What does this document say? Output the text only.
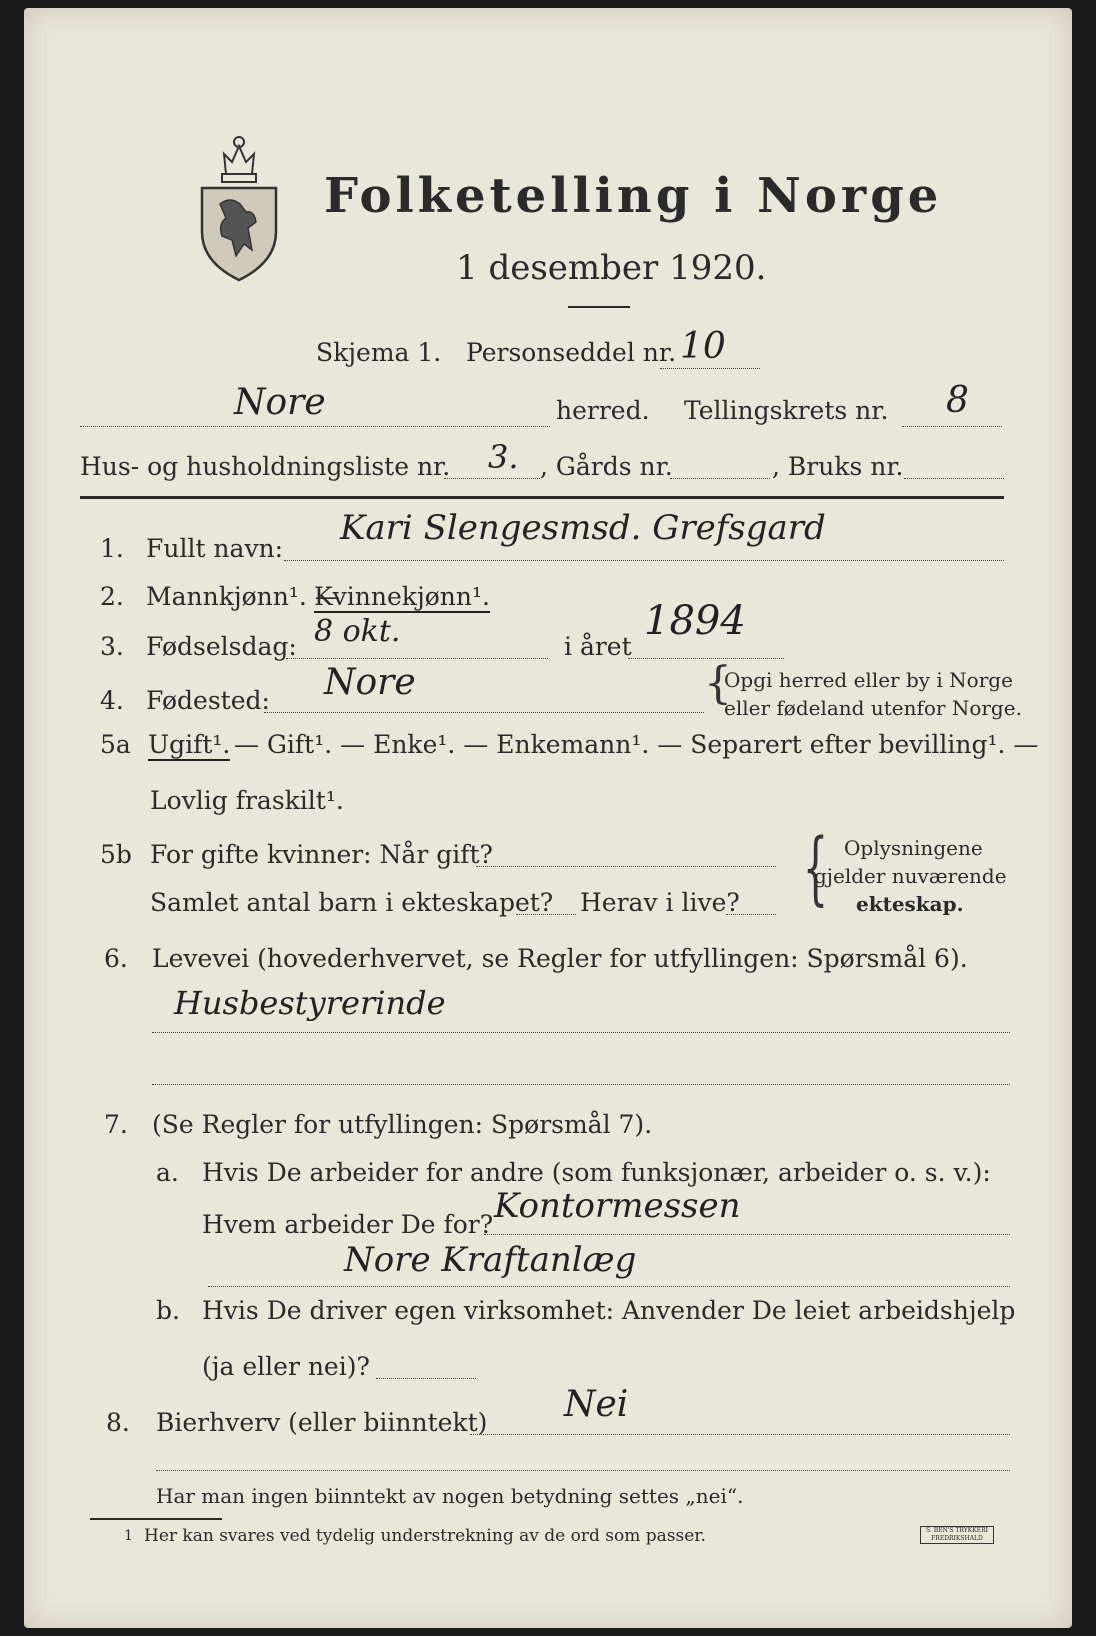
Folketelling i Norge
1 desember 1920.
Skjema 1. Personseddel nr. 10
Nore	herred. Tellingskrets nr. 8
Hus- og husholdningsliste nr. 3. , Gårds nr.	, Bruks nr.
1. Fullt navn:
Kari Slengesmsd. Grefsgard
2. Mannkjønn¹. —
Kvinnekjønn¹.
3. Fødselsdag: 8 okt.	i året
1894
4. Fødested: Nore	{
Opgi herred eller by i Norge
eller fødeland utenfor Norge.
5a Ugift¹. — Gift¹. — Enke¹. — Enkemann¹. — Separert efter bevilling¹. —
Lovlig fraskilt¹.
5b For gifte kvinner: Når gift?
Samlet antal barn i ekteskapet? Herav i live? { Oplysningene
gjelder nuværende
ekteskap.
6. Levevei (hovederhvervet, se Regler for utfyllingen: Spørsmål 6).
Husbestyrerinde
7. (Se Regler for utfyllingen: Spørsmål 7).
a. Hvis De arbeider for andre (som funksjonær, arbeider o. s. v.):
Hvem arbeider De for? Kontormessen
Nore Kraftanlæg
b. Hvis De driver egen virksomhet: Anvender De leiet arbeidshjelp
(ja eller nei)?
8. Bierhverv (eller biinntekt) Nei
Har man ingen biinntekt av nogen betydning settes „nei“.
1 Her kan svares ved tydelig understrekning av de ord som passer.	S. BEN'S TRYKKERI
FREDRIKSHALD
